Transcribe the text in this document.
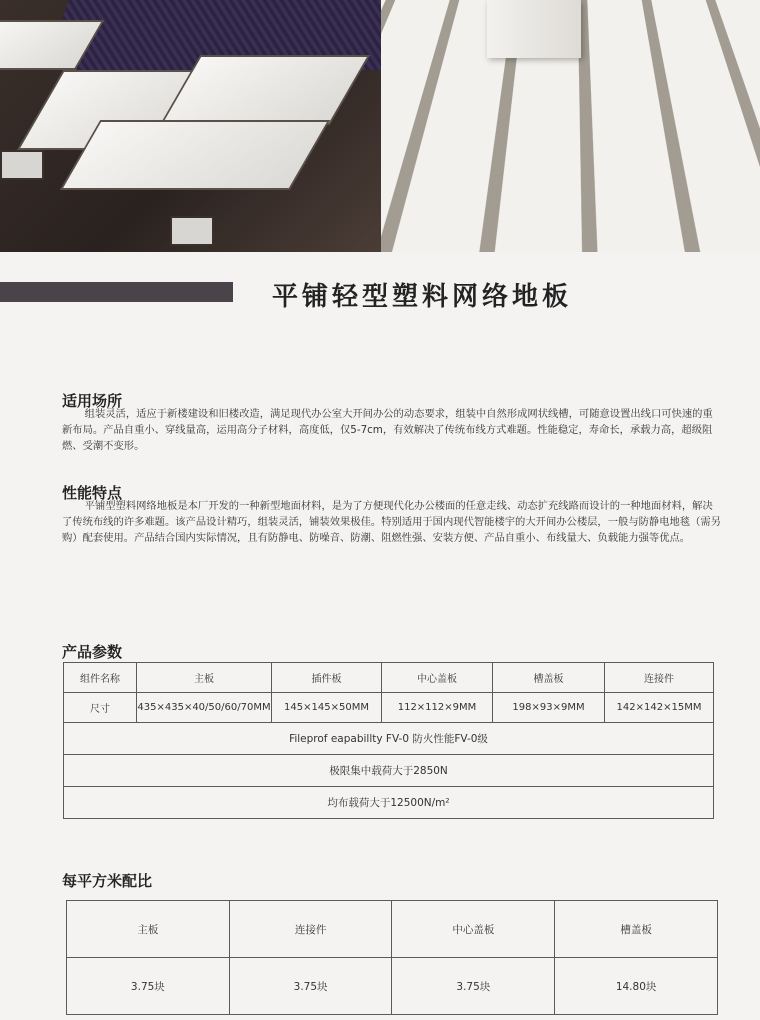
平铺轻型塑料网络地板
适用场所
组装灵活，适应于新楼建设和旧楼改造，满足现代办公室大开间办公的动态要求，组装中自然形成网状线槽，可随意设置出线口可快速的重新布局。产品自重小、穿线量高，运用高分子材料，高度低，仅5-7cm，有效解决了传统布线方式难题。性能稳定，寿命长，承载力高，超级阻燃、受潮不变形。
性能特点
平铺型塑料网络地板是本厂开发的一种新型地面材料，是为了方便现代化办公楼面的任意走线、动态扩充线路而设计的一种地面材料，解决了传统布线的许多难题。该产品设计精巧，组装灵活，铺装效果极佳。特别适用于国内现代智能楼宇的大开间办公楼层，一般与防静电地毯（需另购）配套使用。产品结合国内实际情况，且有防静电、防噪音、防潮、阻燃性强、安装方便、产品自重小、布线量大、负载能力强等优点。
产品参数
组件名称	主板	插件板	中心盖板	槽盖板	连接件
尺寸	435×435×40/50/60/70MM	145×145×50MM	112×112×9MM	198×93×9MM	142×142×15MM
Fileprof eapabillty FV-0 防火性能FV-0级					
极限集中载荷大于2850N					
均布载荷大于12500N/m²					
每平方米配比
主板	连接件	中心盖板	槽盖板
3.75块	3.75块	3.75块	14.80块
